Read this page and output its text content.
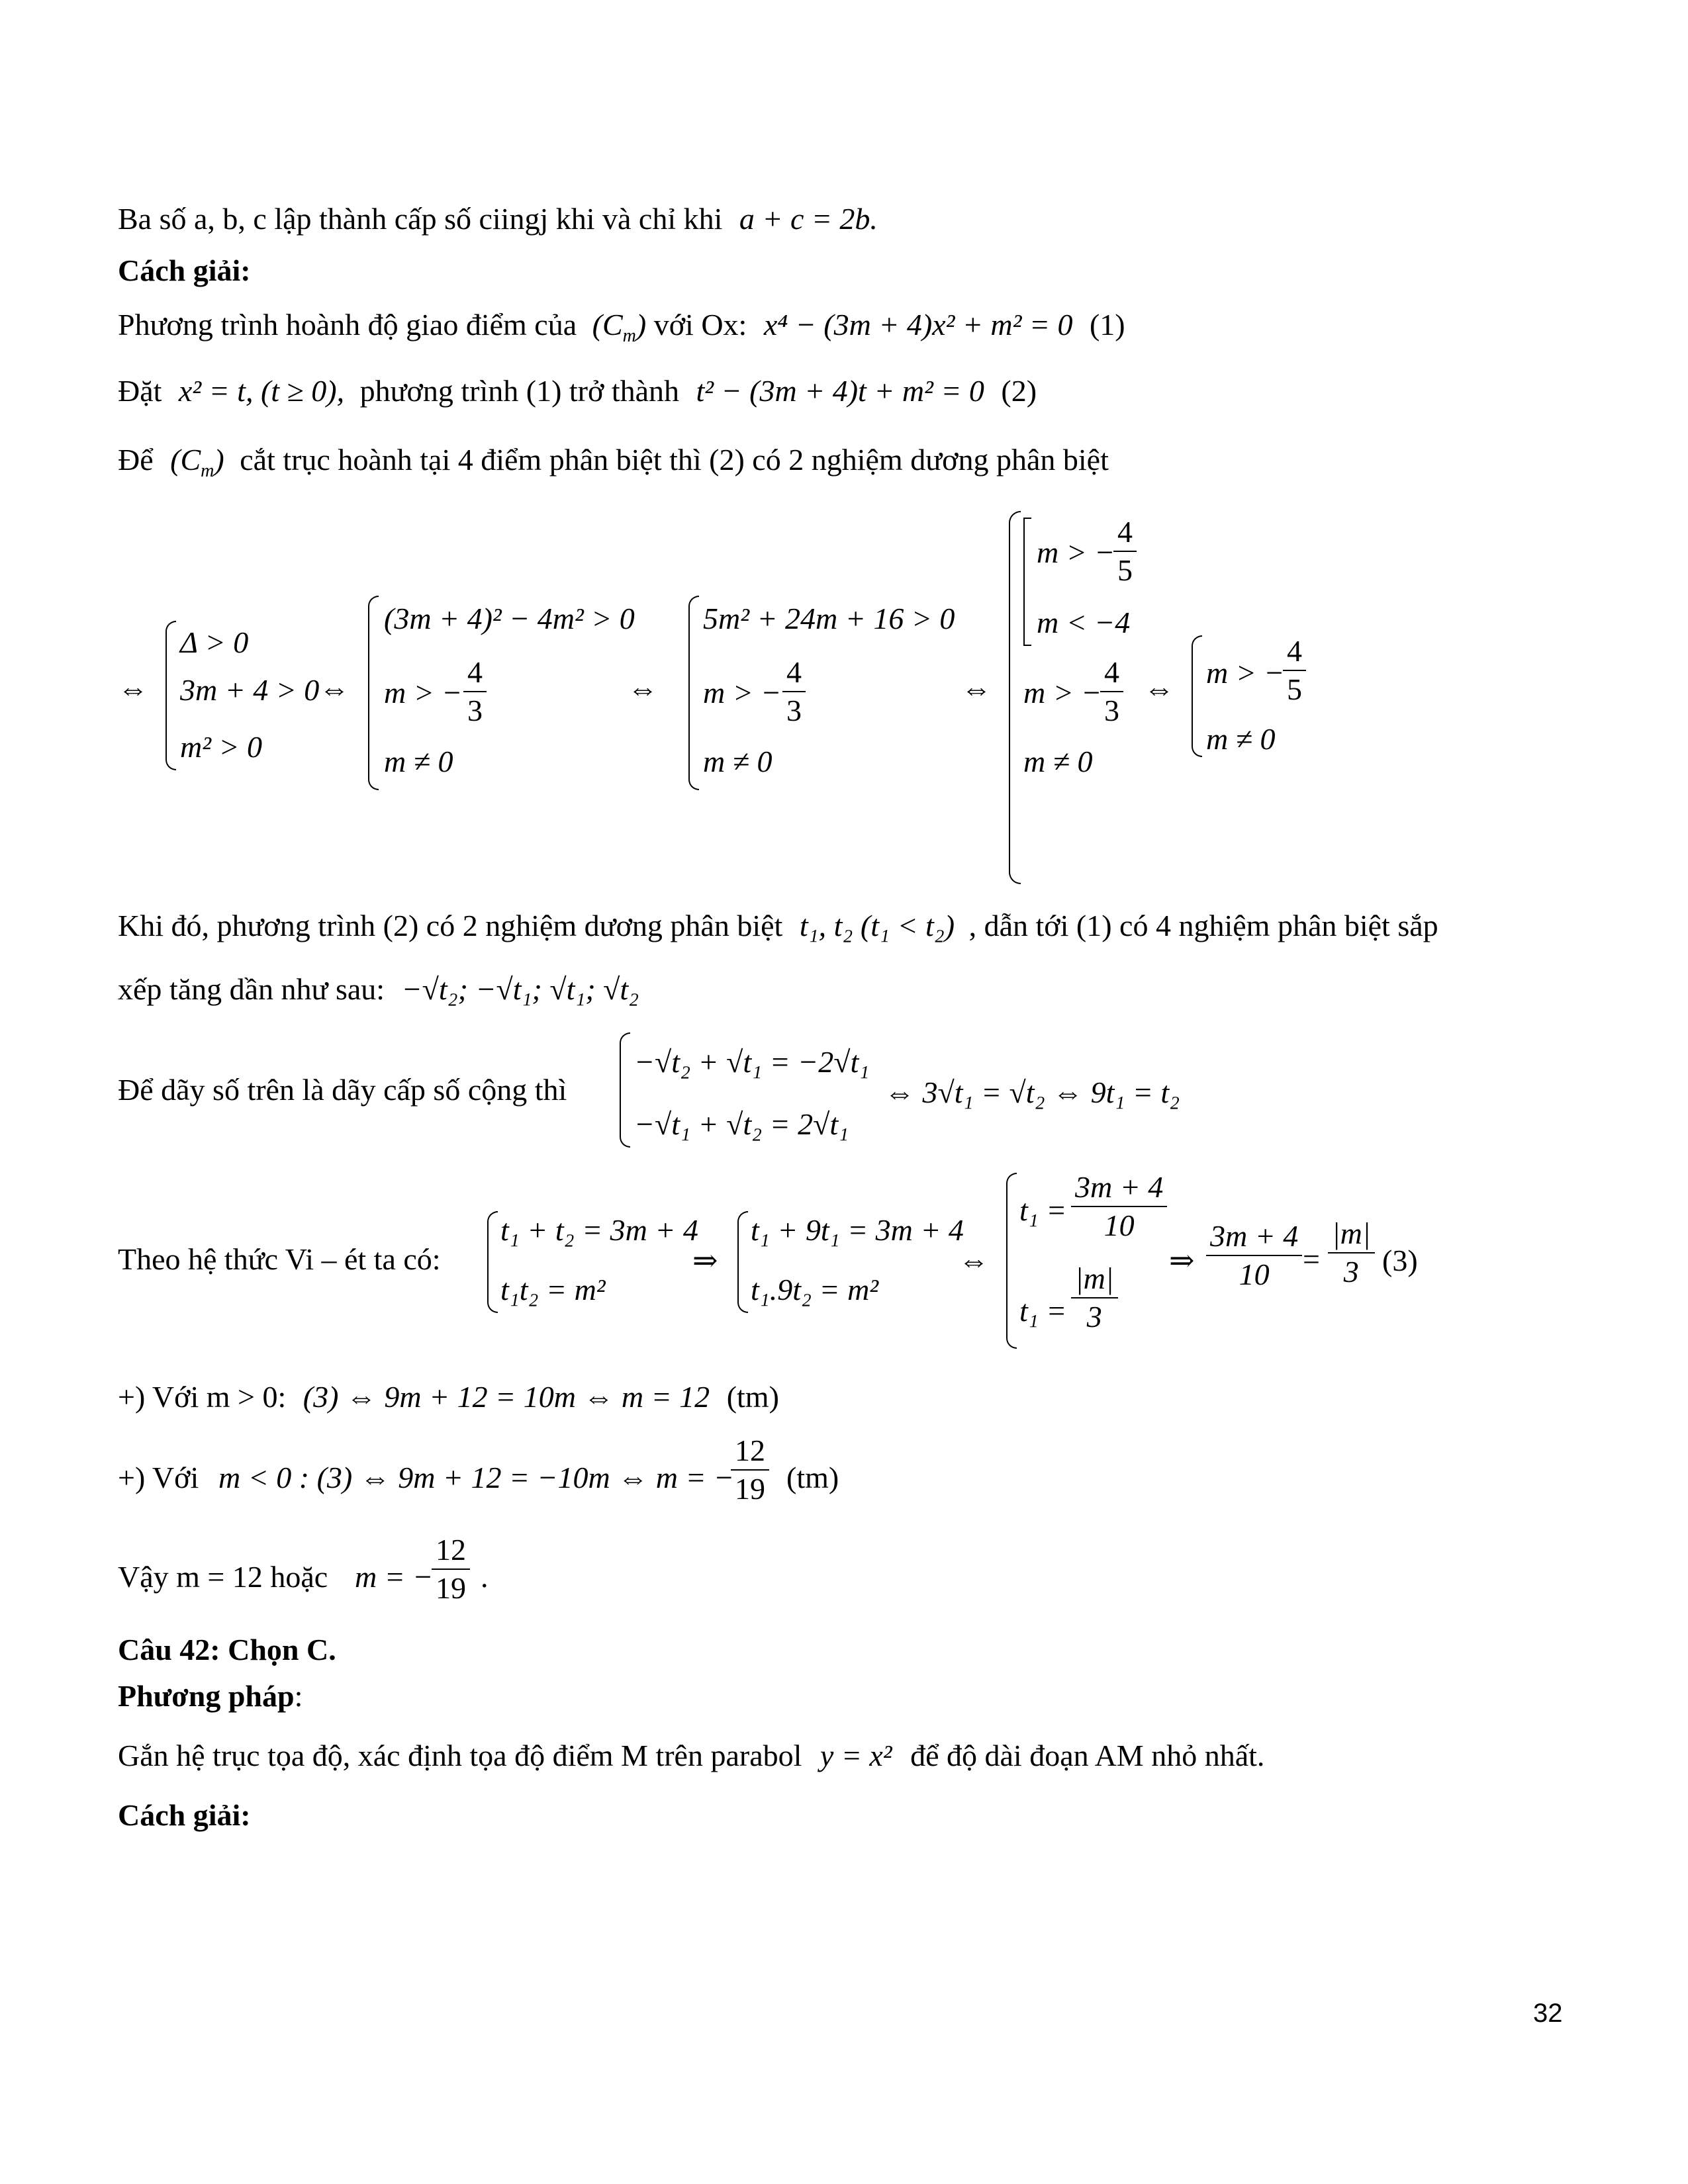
Ba số a, b, c lập thành cấp số ciingj khi và chỉ khi a + c = 2b.
Cách giải:
Phương trình hoành độ giao điểm của $(C_m)$ với Ox: x⁴ − (3m + 4)x² + m² = 0 (1)
Đặt x² = t, (t ≥ 0), phương trình (1) trở thành t² − (3m + 4)t + m² = 0 (2)
Để $(C_m)$ cắt trục hoành tại 4 điểm phân biệt thì (2) có 2 nghiệm dương phân biệt
⇔
Δ > 0
3m + 4 > 0
m² > 0
⇔
(3m + 4)² − 4m² > 0
m > − $\frac{4}{3}$
m ≠ 0
⇔
5m² + 24m + 16 > 0
m > − $\frac{4}{3}$
m ≠ 0
⇔
m > −
$\frac{4}{5}$
m < −4
m > −
$\frac{4}{3}$
m ≠ 0
⇔ m > −
$\frac{4}{5}$
m ≠ 0
Khi đó, phương trình (2) có 2 nghiệm dương phân biệt t₁, t₂ (t₁ < t₂) , dẫn tới (1) có 4 nghiệm phân biệt sắp
xếp tăng dần như sau: −√t₂; −√t₁; √t₁; √t₂
Để dãy số trên là dãy cấp số cộng thì
−√t₂ + √t₁ = −2√t₁
−√t₁ + √t₂ = 2√t₁
⇔ 3√t₁ = √t₂ ⇔ 9t₁ = t₂
Theo hệ thức Vi – ét ta có:
t₁ + t₂ = 3m + 4
t₁t₂ = m²
⇒
t₁ + 9t₁ = 3m + 4
t₁.9t₂ = m²
⇔
$t_1 = \frac{3m + 4}{10}$
$t_1 = \frac{|m|}{3}$
⇒ $\frac{3m + 4}{10} = \frac{|m|}{3} (3)$
+) Với m > 0: (3) ⇔ 9m + 12 = 10m ⇔ m = 12 (tm)
+) Với m < 0 : (3) ⇔ 9m + 12 = −10m ⇔ m = −
$\frac{12}{19} (tm)$
Vậy m = 12 hoặc m = −
$\frac{12}{19}$ .
Câu 42: Chọn C.
Phương pháp:
Gắn hệ trục tọa độ, xác định tọa độ điểm M trên parabol y = x² để độ dài đoạn AM nhỏ nhất.
Cách giải:
32
